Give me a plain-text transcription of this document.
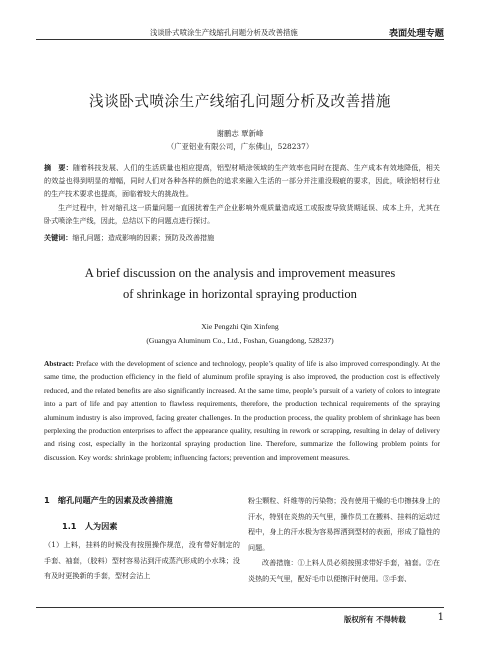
浅谈卧式喷涂生产线缩孔问题分析及改善措施	表面处理专题
浅谈卧式喷涂生产线缩孔问题分析及改善措施
谢鹏志 覃新峰
（广亚铝业有限公司，广东佛山，528237）
摘　要：随着科技发展、人们的生活质量也相应提高，铝型材喷涂领域的生产效率也同时在提高、生产成本有效地降低，相关的效益也得到明显的增幅，同时人们对各种各样的颜色的追求来融入生活的一部分并注重没瑕疵的要求，因此，喷涂铝材行业的生产技术要求也提高，面临着较大的挑战性。
生产过程中，针对缩孔这一质量问题一直困扰着生产企业影响外观质量造成返工或报废导致货期延误、成本上升，尤其在卧式喷涂生产线，因此，总结以下的问题点进行探讨。
关键词：缩孔问题；造成影响的因素；预防及改善措施
A brief discussion on the analysis and improvement measures
of shrinkage in horizontal spraying production
Xie Pengzhi Qin Xinfeng
(Guangya Aluminum Co., Ltd., Foshan, Guangdong, 528237)
Abstract: Preface with the development of science and technology, people’s quality of life is also improved correspondingly. At the same time, the production efficiency in the field of aluminum profile spraying is also improved, the production cost is effectively reduced, and the related benefits are also significantly increased. At the same time, people’s pursuit of a variety of colors to integrate into a part of life and pay attention to flawless requirements, therefore, the production technical requirements of the spraying aluminum industry is also improved, facing greater challenges. In the production process, the quality problem of shrinkage has been perplexing the production enterprises to affect the appearance quality, resulting in rework or scrapping, resulting in delay of delivery and rising cost, especially in the horizontal spraying production line. Therefore, summarize the following problem points for discussion. Key words: shrinkage problem; influencing factors; prevention and improvement measures.
1　缩孔问题产生的因素及改善措施
1.1　人为因素
（1）上料，挂料的时候没有按照操作规范，没有带好制定的手套、袖套，（胶料）型材容易沾到汗成蒸汽形成的小水珠；没有及时更换新的手套，型材会沾上
粉尘颗粒、纤维等的污染物；没有使用干燥的毛巾擦抹身上的汗水，特别在炎热的天气里，操作员工在搬料、挂料的运动过程中，身上的汗水极为容易挥洒到型材的表面，形成了隐性的问题。
改善措施：①上料人员必须按照求带好手套，袖套。②在炎热的天气里，配好毛巾以便擦汗时使用。③手套、
版权所有 不得转载	1
